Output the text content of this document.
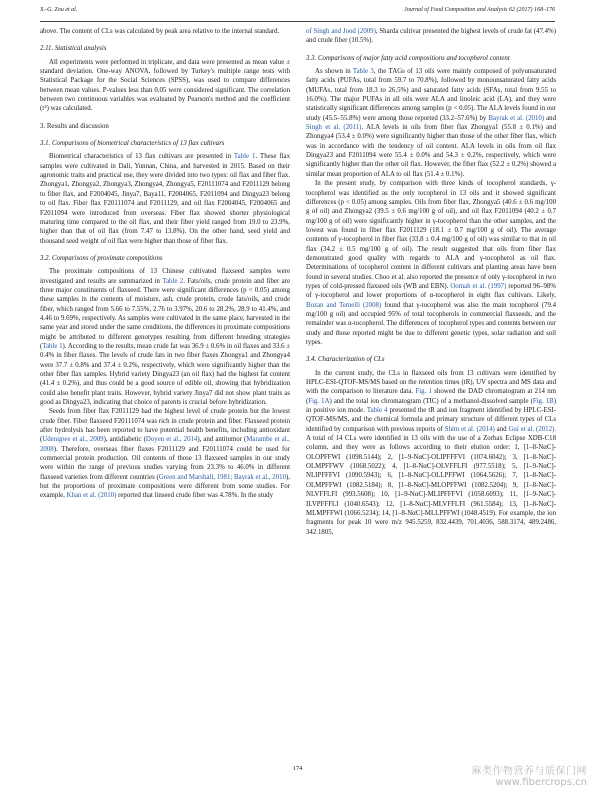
X.-G. Zou et al.	Journal of Food Composition and Analysis 62 (2017) 168–176

above. The content of CLs was calculated by peak area relative to the internal standard.

2.11. Statistical analysis

All experiments were performed in triplicate, and data were presented as mean value ± standard deviation. One-way ANOVA, followed by Turkey's multiple range tests with Statistical Package for the Social Sciences (SPSS), was used to compare differences between mean values. P-values less than 0.05 were considered significant. The correlation between two continuous variables was evaluated by Pearson's method and the coefficient (r²) was calculated.

3. Results and discussion
3.1. Comparisons of biometrical characteristics of 13 flax cultivars

Biometrical characteristics of 13 flax cultivars are presented in Table 1. These flax samples were cultivated in Dali, Yunnan, China, and harvested in 2015. Based on their agronomic traits and practical use, they were divided into two types: oil flax and fiber flax. Zhongya1, Zhongya2, Zhongya3, Zhongya4, Zhongya5, F20111074 and F2011129 belong to fiber flax, and F2004045, Jinya7, Baya11, F2004065, F2011094 and Dingya23 belong to oil flax. Fiber flax F20111074 and F2011129, and oil flax F2004045, F2004065 and F2011094 were introduced from overseas. Fiber flax showed shorter physiological maturing time compared to the oil flax, and their fiber yield ranged from 19.0 to 23.9%, higher than that of oil flax (from 7.47 to 13.8%). On the other hand, seed yield and thousand seed weight of oil flax were higher than those of fiber flax.

3.2. Comparisons of proximate compositions

The proximate compositions of 13 Chinese cultivated flaxseed samples were investigated and results are summarized in Table 2. Fats/oils, crude protein and fiber are three major constituents of flaxseed. There were significant differences (p < 0.05) among these samples in the contents of moisture, ash, crude protein, crude fats/oils, and crude fiber, which ranged from 5.66 to 7.55%, 2.76 to 3.97%, 20.6 to 28.2%, 28.9 to 41.4%, and 4.46 to 9.69%, respectively. As samples were cultivated in the same place, harvested in the same year and stored under the same conditions, the differences in proximate compositions might be attributed to different genotypes resulting from different breeding strategies (Table 1). According to the results, mean crude fat was 36.9 ± 0.6% in oil flaxes and 33.6 ± 0.4% in fiber flaxes. The levels of crude fats in two fiber flaxes Zhongya1 and Zhongya4 were 37.7 ± 0.8% and 37.4 ± 0.2%, respectively, which were significantly higher than the other fiber flax samples. Hybrid variety Dingya23 (an oil flax) had the highest fat content (41.4 ± 0.2%), and thus could be a good source of edible oil, showing that hybridization could also benefit plant traits. However, hybrid variety Jinya7 did not show plant traits as good as Dingya23, indicating that choice of parents is crucial before hybridization.

Seeds from fiber flax F2011129 had the highest level of crude protein but the lowest crude fiber. Fiber flaxseed F20111074 was rich in crude protein and fiber. Flaxseed protein after hydrolysis has been reported to have potential health benefits, including antioxidant (Udenigwe et al., 2009), antidiabetic (Doyen et al., 2014), and antitumor (Marambe et al., 2008). Therefore, overseas fiber flaxes F2011129 and F20111074 could be used for commercial protein production. Oil contents of those 13 flaxseed samples in our study were within the range of previous studies varying from 23.3% to 46.0% in different flaxseed varieties from different countries (Green and Marshall, 1981; Bayrak et al., 2010), but the proportions of proximate compositions were different from some studies. For example, Khan et al. (2010) reported that linseed crude fiber was 4.78%. In the study

of Singh and Jood (2009), Sharda cultivar presented the highest levels of crude fat (47.4%) and crude fiber (10.5%).

3.3. Comparisons of major fatty acid compositions and tocopherol content

As shown in Table 3, the TAGs of 13 oils were mainly composed of polyunsaturated fatty acids (PUFAs, total from 59.7 to 70.8%), followed by monounsaturated fatty acids (MUFAs, total from 18.3 to 26.5%) and saturated fatty acids (SFAs, total from 9.55 to 16.0%). The major PUFAs in all oils were ALA and linoleic acid (LA), and they were statistically significant differences among samples (p < 0.05). The ALA levels found in our study (45.5–55.8%) were among those reported (33.2–57.6%) by Bayrak et al. (2010) and Singh et al. (2011). ALA levels in oils from fiber flax Zhongya1 (55.8 ± 0.1%) and Zhongya4 (53.4 ± 0.0%) were significantly higher than those of the other fiber flax, which was in accordance with the tendency of oil content. ALA levels in oils from oil flax Dingya23 and F2011094 were 55.4 ± 0.0% and 54.3 ± 0.2%, respectively, which were significantly higher than the other oil flax. However, the fiber flax (52.2 ± 0.2%) showed a similar mean proportion of ALA to oil flax (51.4 ± 0.1%).

In the present study, by comparison with three kinds of tocopherol standards, γ-tocopherol was identified as the only tocopherol in 13 oils and it showed significant differences (p < 0.05) among samples. Oils from fiber flax, Zhongya5 (40.6 ± 0.6 mg/100 g of oil) and Zhongya2 (39.5 ± 0.6 mg/100 g of oil), and oil flax F2011094 (40.2 ± 0.7 mg/100 g of oil) were significantly higher in γ-tocopherol than the other samples, and the lowest was found in fiber flax F2011129 (18.1 ± 0.7 mg/100 g of oil). The average contents of γ-tocopherol in fiber flax (33.8 ± 0.4 mg/100 g of oil) was similar to that in oil flax (34.2 ± 0.5 mg/100 g of oil). The result suggested that oils from fiber flax demonstrated good quality with regards to ALA and γ-tocopherol as oil flax. Determinations of tocopherol content in different cultivars and planting areas have been found in several studies. Choo et al. also reported the presence of only γ-tocopherol in two types of cold-pressed flaxseed oils (WB and EBN). Oomah et al. (1997) reported 96–98% of γ-tocopherol and lower proportions of α-tocopherol in eight flax cultivars. Likely, Bozan and Temelli (2008) found that γ-tocopherol was also the main tocopherol (79.4 mg/100 g oil) and occupied 95% of total tocopherols in commercial flaxseeds, and the remainder was α-tocopherol. The differences of tocopherol types and contents between our study and those reported might be due to different genetic types, solar radiation and soil types.

3.4. Characterization of CLs

In the current study, the CLs in flaxseed oils from 13 cultivars were identified by HPLC-ESI-QTOF-MS/MS based on the retention times (tR), UV spectra and MS data and with the comparison to literature data. Fig. 1 showed the DAD chromatogram at 214 nm (Fig. 1A) and the total ion chromatogram (TIC) of a methanol-dissolved sample (Fig. 1B) in positive ion mode. Table 4 presented the tR and ion fragment identified by HPLC-ESI-QTOF-MS/MS, and the chemical formula and primary structure of different types of CLs identified by comparison with previous reports of Shim et al. (2014) and Gui et al. (2012). A total of 14 CLs were identified in 13 oils with the use of a Zorbax Eclipse XDB-C18 column, and they were as follows according to their elution order: 1, [1–8-NαC]-OLOPFFWI (1098.5144); 2, [1–9-NαC]-OLIPFFFVI (1074.6042); 3, [1–8-NαC]-OLMPFFWV (1068.5022); 4, [1–8-NαC]-OLVFFLFI (977.5518); 5, [1–9-NαC]-NLIPFFFVI (1090.5943); 6, [1–8-NαC]-OLLPFFWI (1064.5626); 7, [1–8-NαC]-OLMPFFWI (1082.5184); 8, [1–8-NαC]-MLOPFFWI (1082.5204); 9, [1–8-NαC]-NLVFFLFI (993.5608); 10, [1–9-NαC]-MLIPFFFVI (1058.6093); 11, [1–9-NαC]-ILVPFFFLI (1040.6543); 12, [1–8-NαC]-MLVFFLFI (961.5584); 13, [1–8-NαC]-MLMPFFWI (1066.5234); 14, [1–8-NαC]-MLLPFFWI (1048.4519). For example, the ion fragments for peak 10 were m/z 945.5259, 832.4439, 701.4036, 588.3174, 489.2486, 342.1805,

174	麻类作物营养与质保门网
www.fibercrops.cn
